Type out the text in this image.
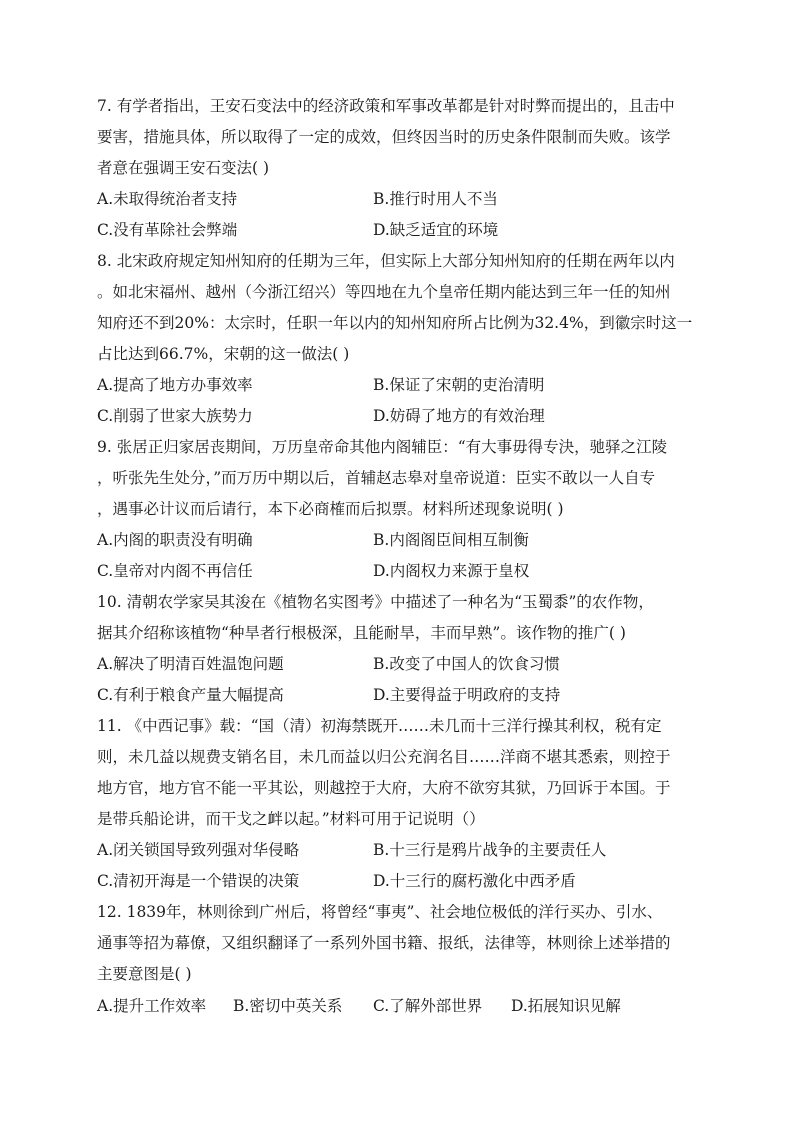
7. 有学者指出，王安石变法中的经济政策和军事改革都是针对时弊而提出的，且击中
要害，措施具体，所以取得了一定的成效，但终因当时的历史条件限制而失败。该学
者意在强调王安石变法( )
A.未取得统治者支持	B.推行时用人不当
C.没有革除社会弊端	D.缺乏适宜的环境
8. 北宋政府规定知州知府的任期为三年，但实际上大部分知州知府的任期在两年以内
。如北宋福州、越州（今浙江绍兴）等四地在九个皇帝任期内能达到三年一任的知州
知府还不到20%：太宗时，任职一年以内的知州知府所占比例为32.4%，到徽宗时这一
占比达到66.7%，宋朝的这一做法( )
A.提高了地方办事效率	B.保证了宋朝的吏治清明
C.削弱了世家大族势力	D.妨碍了地方的有效治理
9. 张居正归家居丧期间，万历皇帝命其他内阁辅臣：“有大事毋得专決，驰驿之江陵
，听张先生处分，”而万历中期以后，首辅赵志皋对皇帝说道：臣实不敢以一人自专
，遇事必计议而后请行，本下必商榷而后拟票。材料所述现象说明( )
A.内阁的职责没有明确	B.内阁阁臣间相互制衡
C.皇帝对内阁不再信任	D.内阁权力来源于皇权
10. 清朝农学家吴其浚在《植物名实图考》中描述了一种名为“玉蜀黍”的农作物，
据其介绍称该植物“种旱者行根极深，且能耐旱，丰而早熟”。该作物的推广( )
A.解决了明清百姓温饱问题	B.改变了中国人的饮食习惯
C.有利于粮食产量大幅提高	D.主要得益于明政府的支持
11. 《中西记事》载：“国（清）初海禁既开……未几而十三洋行操其利权，税有定
则，未几益以规费支销名目，未几而益以归公充润名目……洋商不堪其悉索，则控于
地方官，地方官不能一平其讼，则越控于大府，大府不欲穷其狱，乃回诉于本国。于
是带兵船论讲，而干戈之衅以起。”材料可用于记说明（）
A.闭关锁国导致列强对华侵略	B.十三行是鸦片战争的主要责任人
C.清初开海是一个错误的决策	D.十三行的腐朽激化中西矛盾
12. 1839年，林则徐到广州后，将曾经“事夷”、社会地位极低的洋行买办、引水、
通事等招为幕僚，又组织翻译了一系列外国书籍、报纸，法律等，林则徐上述举措的
主要意图是( )
A.提升工作效率 B.密切中英关系 C.了解外部世界 D.拓展知识见解
